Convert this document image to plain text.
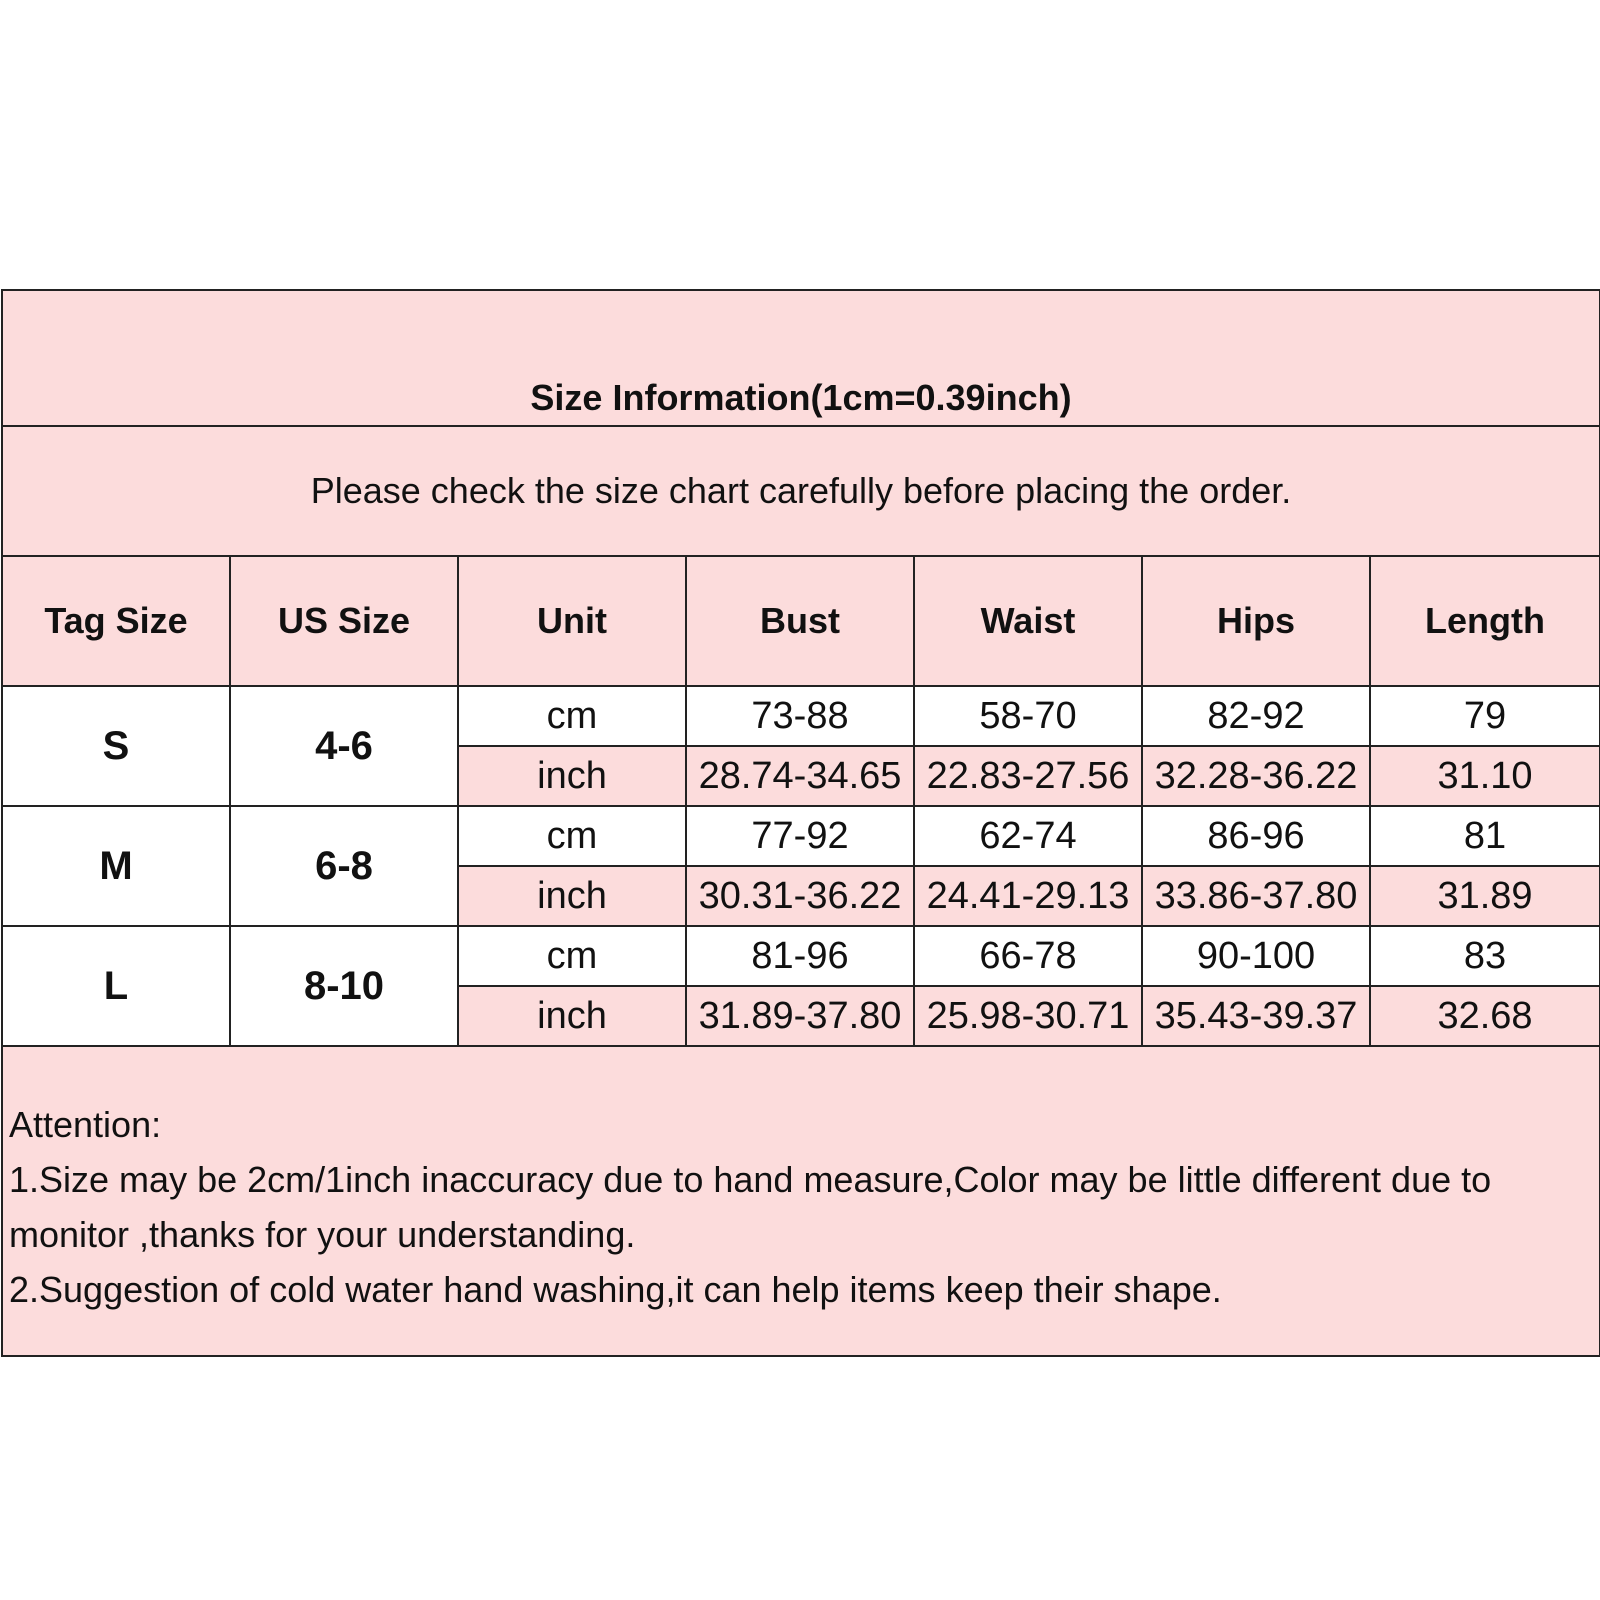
Size Information(1cm=0.39inch)						
Please check the size chart carefully before placing the order.						
Tag Size	US Size	Unit	Bust	Waist	Hips	Length
S	4-6	cm	73-88	58-70	82-92	79
		inch	28.74-34.65	22.83-27.56	32.28-36.22	31.10
M	6-8	cm	77-92	62-74	86-96	81
		inch	30.31-36.22	24.41-29.13	33.86-37.80	31.89
L	8-10	cm	81-96	66-78	90-100	83
		inch	31.89-37.80	25.98-30.71	35.43-39.37	32.68

Attention:
1.Size may be 2cm/1inch inaccuracy due to hand measure,Color may be little different due to monitor ,thanks for your understanding.
2.Suggestion of cold water hand washing,it can help items keep their shape.						
